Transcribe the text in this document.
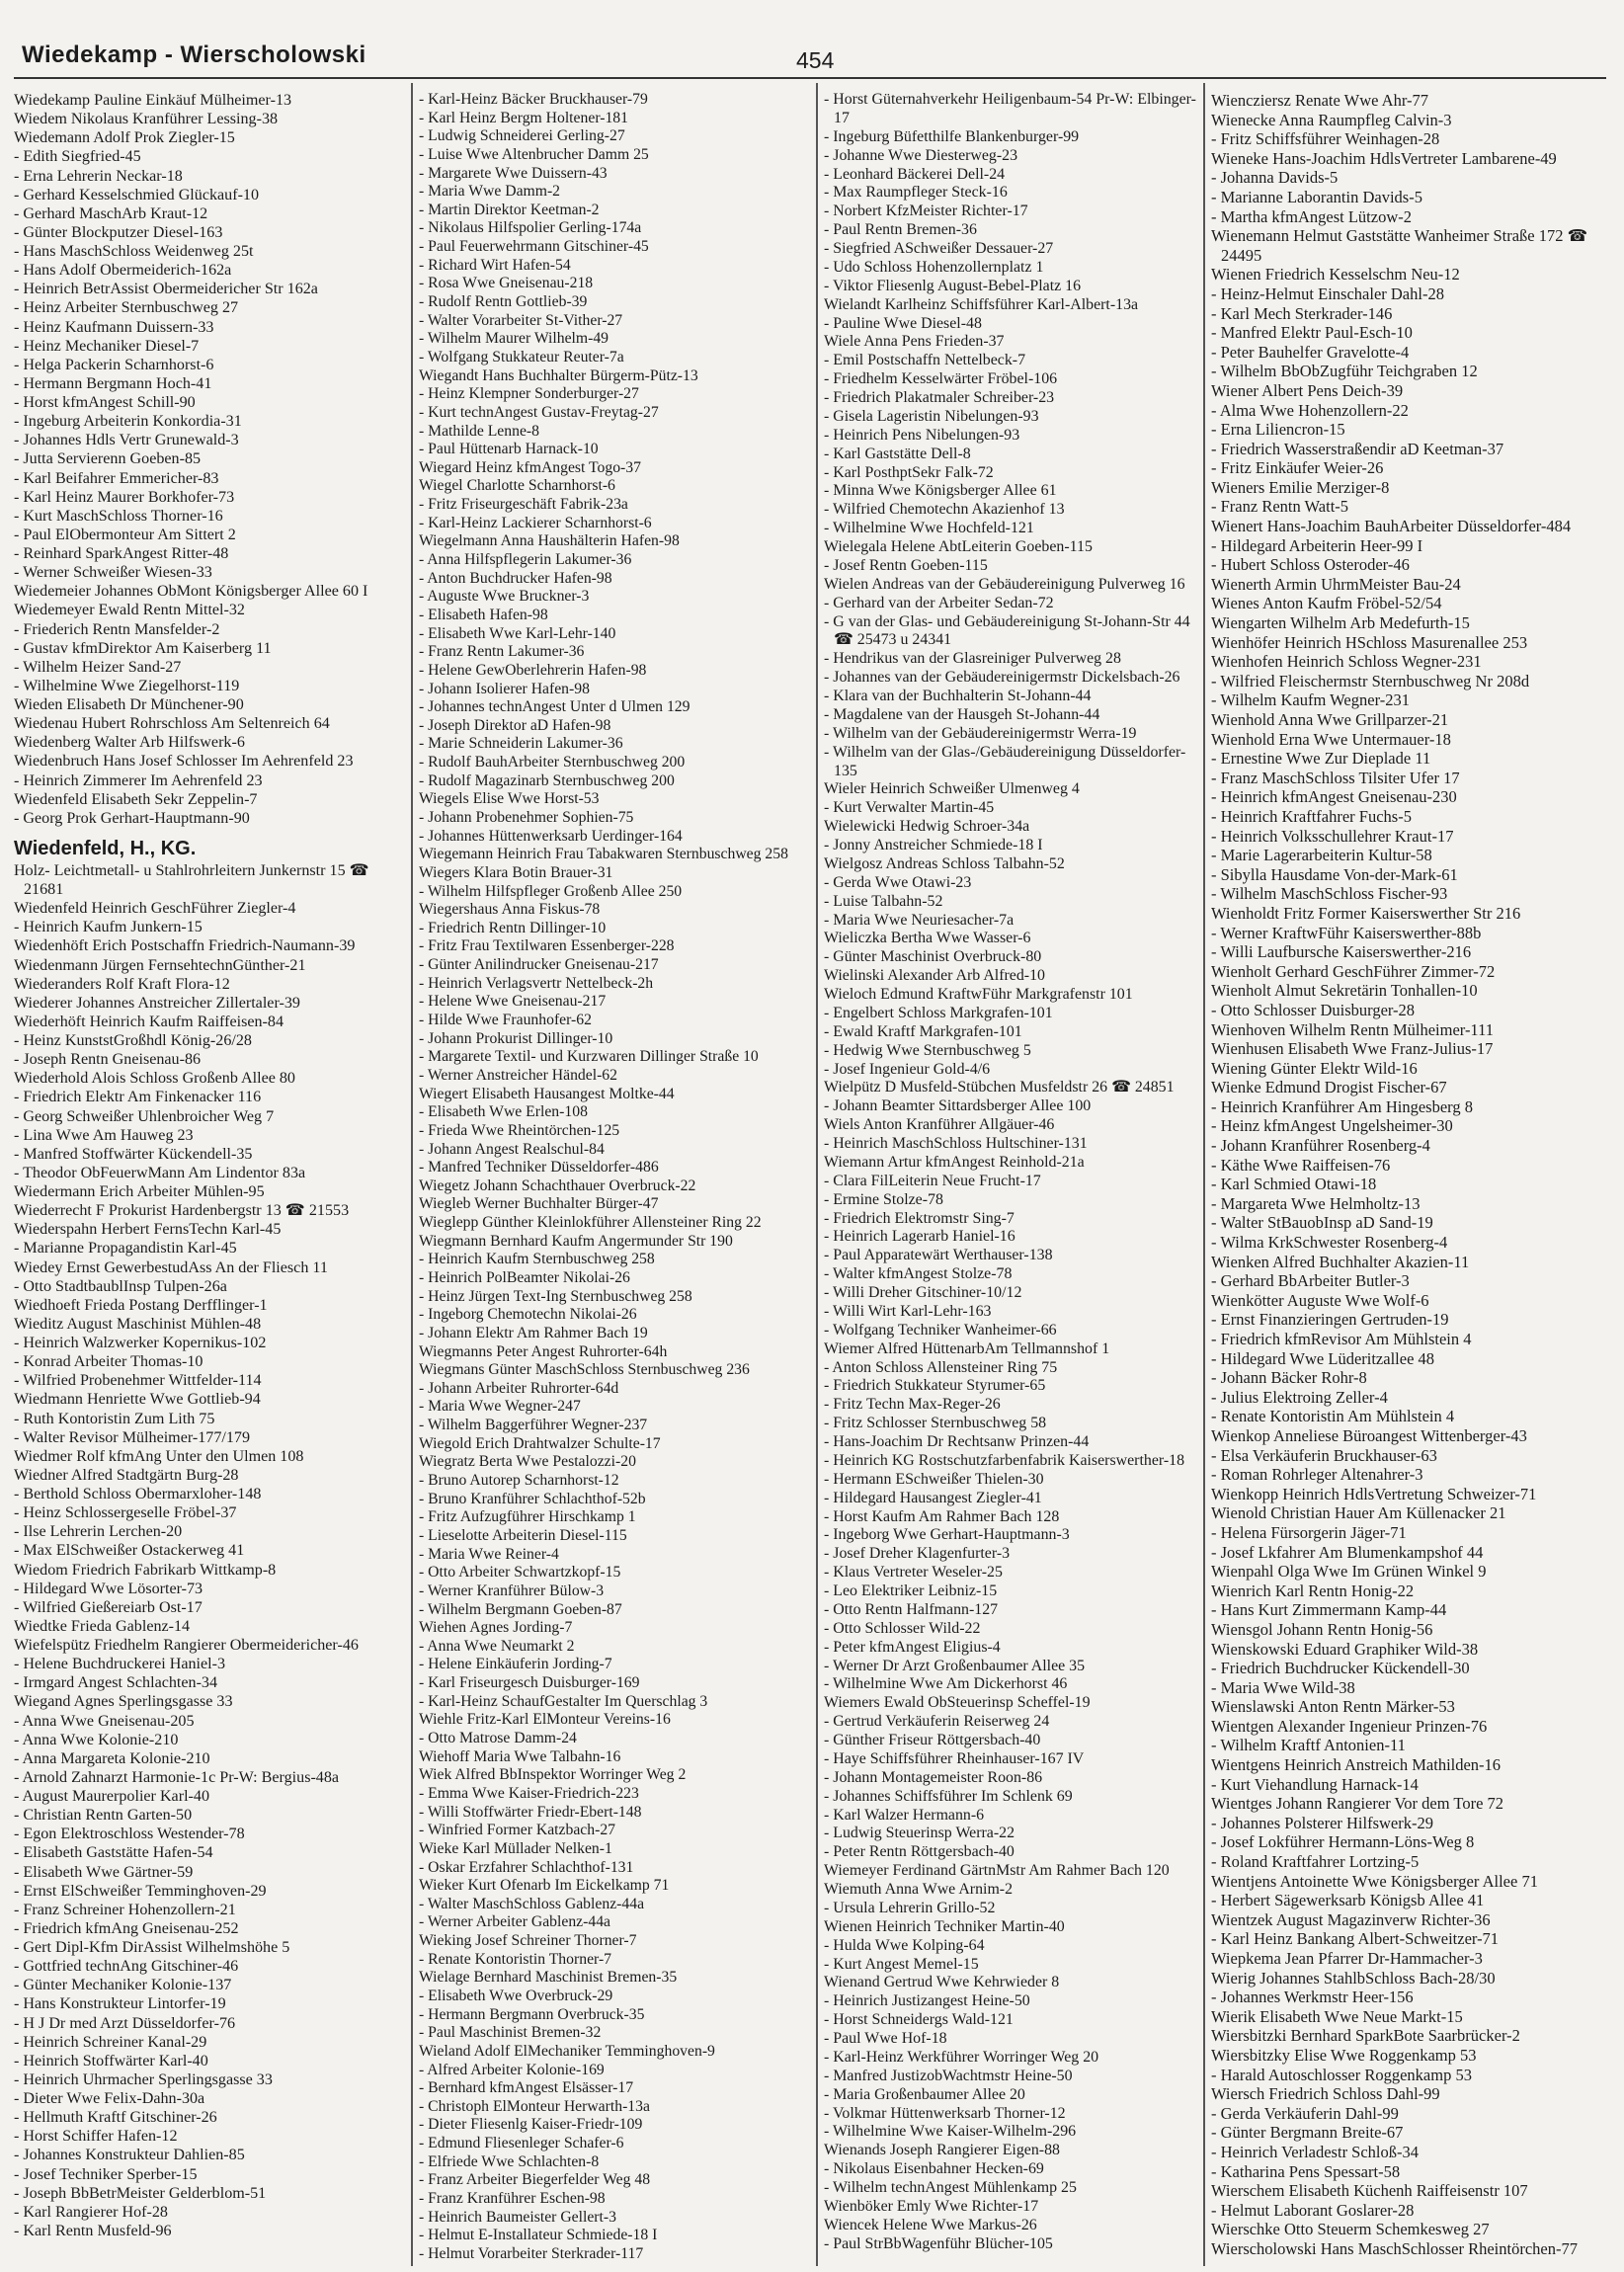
Wiedekamp - Wierscholowski	454
Wiedekamp Pauline Einkäuf Mülheimer-13
Wiedem Nikolaus Kranführer Lessing-38
Wiedemann Adolf Prok Ziegler-15
- Edith Siegfried-45
- Erna Lehrerin Neckar-18
- Gerhard Kesselschmied Glückauf-10
- Gerhard MaschArb Kraut-12
- Günter Blockputzer Diesel-163
- Hans MaschSchloss Weidenweg 25t
- Hans Adolf Obermeiderich-162a
- Heinrich BetrAssist Obermeidericher Str 162a
- Heinz Arbeiter Sternbuschweg 27
- Heinz Kaufmann Duissern-33
- Heinz Mechaniker Diesel-7
- Helga Packerin Scharnhorst-6
- Hermann Bergmann Hoch-41
- Horst kfmAngest Schill-90
- Ingeburg Arbeiterin Konkordia-31
- Johannes Hdls Vertr Grunewald-3
- Jutta Servierenn Goeben-85
- Karl Beifahrer Emmericher-83
- Karl Heinz Maurer Borkhofer-73
- Kurt MaschSchloss Thorner-16
- Paul ElObermonteur Am Sittert 2
- Reinhard SparkAngest Ritter-48
- Werner Schweißer Wiesen-33
Wiedemeier Johannes ObMont Königsberger Allee 60 I
Wiedemeyer Ewald Rentn Mittel-32
- Friederich Rentn Mansfelder-2
- Gustav kfmDirektor Am Kaiserberg 11
- Wilhelm Heizer Sand-27
- Wilhelmine Wwe Ziegelhorst-119
Wieden Elisabeth Dr Münchener-90
Wiedenau Hubert Rohrschloss Am Seltenreich 64
Wiedenberg Walter Arb Hilfswerk-6
Wiedenbruch Hans Josef Schlosser Im Aehrenfeld 23
- Heinrich Zimmerer Im Aehrenfeld 23
Wiedenfeld Elisabeth Sekr Zeppelin-7
- Georg Prok Gerhart-Hauptmann-90
Wiedenfeld, H., KG.
Holz- Leichtmetall- u Stahlrohrleitern Junkernstr 15 ☎ 21681
Wiedenfeld Heinrich GeschFührer Ziegler-4
- Heinrich Kaufm Junkern-15
Wiedenhöft Erich Postschaffn Friedrich-Naumann-39
Wiedenmann Jürgen FernsehtechnGünther-21
Wiederanders Rolf Kraft Flora-12
Wiederer Johannes Anstreicher Zillertaler-39
Wiederhöft Heinrich Kaufm Raiffeisen-84
- Heinz KunststGroßhdl König-26/28
- Joseph Rentn Gneisenau-86
Wiederhold Alois Schloss Großenb Allee 80
- Friedrich Elektr Am Finkenacker 116
- Georg Schweißer Uhlenbroicher Weg 7
- Lina Wwe Am Hauweg 23
- Manfred Stoffwärter Kückendell-35
- Theodor ObFeuerwMann Am Lindentor 83a
Wiedermann Erich Arbeiter Mühlen-95
Wiederrecht F Prokurist Hardenbergstr 13 ☎ 21553
Wiederspahn Herbert FernsTechn Karl-45
- Marianne Propagandistin Karl-45
Wiedey Ernst GewerbestudAss An der Fliesch 11
- Otto StadtbaublInsp Tulpen-26a
Wiedhoeft Frieda Postang Derfflinger-1
Wieditz August Maschinist Mühlen-48
- Heinrich Walzwerker Kopernikus-102
- Konrad Arbeiter Thomas-10
- Wilfried Probenehmer Wittfelder-114
Wiedmann Henriette Wwe Gottlieb-94
- Ruth Kontoristin Zum Lith 75
- Walter Revisor Mülheimer-177/179
Wiedmer Rolf kfmAng Unter den Ulmen 108
Wiedner Alfred Stadtgärtn Burg-28
- Berthold Schloss Obermarxloher-148
- Heinz Schlossergeselle Fröbel-37
- Ilse Lehrerin Lerchen-20
- Max ElSchweißer Ostackerweg 41
Wiedom Friedrich Fabrikarb Wittkamp-8
- Hildegard Wwe Lösorter-73
- Wilfried Gießereiarb Ost-17
Wiedtke Frieda Gablenz-14
Wiefelspütz Friedhelm Rangierer Obermeidericher-46
- Helene Buchdruckerei Haniel-3
- Irmgard Angest Schlachten-34
Wiegand Agnes Sperlingsgasse 33
- Anna Wwe Gneisenau-205
- Anna Wwe Kolonie-210
- Anna Margareta Kolonie-210
- Arnold Zahnarzt Harmonie-1c Pr-W: Bergius-48a
- August Maurerpolier Karl-40
- Christian Rentn Garten-50
- Egon Elektroschloss Westender-78
- Elisabeth Gaststätte Hafen-54
- Elisabeth Wwe Gärtner-59
- Ernst ElSchweißer Temminghoven-29
- Franz Schreiner Hohenzollern-21
- Friedrich kfmAng Gneisenau-252
- Gert Dipl-Kfm DirAssist Wilhelmshöhe 5
- Gottfried technAng Gitschiner-46
- Günter Mechaniker Kolonie-137
- Hans Konstrukteur Lintorfer-19
- H J Dr med Arzt Düsseldorfer-76
- Heinrich Schreiner Kanal-29
- Heinrich Stoffwärter Karl-40
- Heinrich Uhrmacher Sperlingsgasse 33
- Dieter Wwe Felix-Dahn-30a
- Hellmuth Kraftf Gitschiner-26
- Horst Schiffer Hafen-12
- Johannes Konstrukteur Dahlien-85
- Josef Techniker Sperber-15
- Joseph BbBetrMeister Gelderblom-51
- Karl Rangierer Hof-28
- Karl Rentn Musfeld-96
- Karl-Heinz Bäcker Bruckhauser-79
- Karl Heinz Bergm Holtener-181
- Ludwig Schneiderei Gerling-27
- Luise Wwe Altenbrucher Damm 25
- Margarete Wwe Duissern-43
- Maria Wwe Damm-2
- Martin Direktor Keetman-2
- Nikolaus Hilfspolier Gerling-174a
- Paul Feuerwehrmann Gitschiner-45
- Richard Wirt Hafen-54
- Rosa Wwe Gneisenau-218
- Rudolf Rentn Gottlieb-39
- Walter Vorarbeiter St-Vither-27
- Wilhelm Maurer Wilhelm-49
- Wolfgang Stukkateur Reuter-7a
Wiegandt Hans Buchhalter Bürgerm-Pütz-13
- Heinz Klempner Sonderburger-27
- Kurt technAngest Gustav-Freytag-27
- Mathilde Lenne-8
- Paul Hüttenarb Harnack-10
Wiegard Heinz kfmAngest Togo-37
Wiegel Charlotte Scharnhorst-6
- Fritz Friseurgeschäft Fabrik-23a
- Karl-Heinz Lackierer Scharnhorst-6
Wiegelmann Anna Haushälterin Hafen-98
- Anna Hilfspflegerin Lakumer-36
- Anton Buchdrucker Hafen-98
- Auguste Wwe Bruckner-3
- Elisabeth Hafen-98
- Elisabeth Wwe Karl-Lehr-140
- Franz Rentn Lakumer-36
- Helene GewOberlehrerin Hafen-98
- Johann Isolierer Hafen-98
- Johannes technAngest Unter d Ulmen 129
- Joseph Direktor aD Hafen-98
- Marie Schneiderin Lakumer-36
- Rudolf BauhArbeiter Sternbuschweg 200
- Rudolf Magazinarb Sternbuschweg 200
Wiegels Elise Wwe Horst-53
- Johann Probenehmer Sophien-75
- Johannes Hüttenwerksarb Uerdinger-164
Wiegemann Heinrich Frau Tabakwaren Sternbuschweg 258
Wiegers Klara Botin Brauer-31
- Wilhelm Hilfspfleger Großenb Allee 250
Wiegershaus Anna Fiskus-78
- Friedrich Rentn Dillinger-10
- Fritz Frau Textilwaren Essenberger-228
- Günter Anilindrucker Gneisenau-217
- Heinrich Verlagsvertr Nettelbeck-2h
- Helene Wwe Gneisenau-217
- Hilde Wwe Fraunhofer-62
- Johann Prokurist Dillinger-10
- Margarete Textil- und Kurzwaren Dillinger Straße 10
- Werner Anstreicher Händel-62
Wiegert Elisabeth Hausangest Moltke-44
- Elisabeth Wwe Erlen-108
- Frieda Wwe Rheintörchen-125
- Johann Angest Realschul-84
- Manfred Techniker Düsseldorfer-486
Wiegetz Johann Schachthauer Overbruck-22
Wiegleb Werner Buchhalter Bürger-47
Wieglepp Günther Kleinlokführer Allensteiner Ring 22
Wiegmann Bernhard Kaufm Angermunder Str 190
- Heinrich Kaufm Sternbuschweg 258
- Heinrich PolBeamter Nikolai-26
- Heinz Jürgen Text-Ing Sternbuschweg 258
- Ingeborg Chemotechn Nikolai-26
- Johann Elektr Am Rahmer Bach 19
Wiegmanns Peter Angest Ruhrorter-64h
Wiegmans Günter MaschSchloss Sternbuschweg 236
- Johann Arbeiter Ruhrorter-64d
- Maria Wwe Wegner-247
- Wilhelm Baggerführer Wegner-237
Wiegold Erich Drahtwalzer Schulte-17
Wiegratz Berta Wwe Pestalozzi-20
- Bruno Autorep Scharnhorst-12
- Bruno Kranführer Schlachthof-52b
- Fritz Aufzugführer Hirschkamp 1
- Lieselotte Arbeiterin Diesel-115
- Maria Wwe Reiner-4
- Otto Arbeiter Schwartzkopf-15
- Werner Kranführer Bülow-3
- Wilhelm Bergmann Goeben-87
Wiehen Agnes Jording-7
- Anna Wwe Neumarkt 2
- Helene Einkäuferin Jording-7
- Karl Friseurgesch Duisburger-169
- Karl-Heinz SchaufGestalter Im Querschlag 3
Wiehle Fritz-Karl ElMonteur Vereins-16
- Otto Matrose Damm-24
Wiehoff Maria Wwe Talbahn-16
Wiek Alfred BbInspektor Worringer Weg 2
- Emma Wwe Kaiser-Friedrich-223
- Willi Stoffwärter Friedr-Ebert-148
- Winfried Former Katzbach-27
Wieke Karl Müllader Nelken-1
- Oskar Erzfahrer Schlachthof-131
Wieker Kurt Ofenarb Im Eickelkamp 71
- Walter MaschSchloss Gablenz-44a
- Werner Arbeiter Gablenz-44a
Wieking Josef Schreiner Thorner-7
- Renate Kontoristin Thorner-7
Wielage Bernhard Maschinist Bremen-35
- Elisabeth Wwe Overbruck-29
- Hermann Bergmann Overbruck-35
- Paul Maschinist Bremen-32
Wieland Adolf ElMechaniker Temminghoven-9
- Alfred Arbeiter Kolonie-169
- Bernhard kfmAngest Elsässer-17
- Christoph ElMonteur Herwarth-13a
- Dieter Fliesenlg Kaiser-Friedr-109
- Edmund Fliesenleger Schafer-6
- Elfriede Wwe Schlachten-8
- Franz Arbeiter Biegerfelder Weg 48
- Franz Kranführer Eschen-98
- Heinrich Baumeister Gellert-3
- Helmut E-Installateur Schmiede-18 I
- Helmut Vorarbeiter Sterkrader-117
- Horst Güternahverkehr Heiligenbaum-54 Pr-W: Elbinger-17
- Ingeburg Büfetthilfe Blankenburger-99
- Johanne Wwe Diesterweg-23
- Leonhard Bäckerei Dell-24
- Max Raumpfleger Steck-16
- Norbert KfzMeister Richter-17
- Paul Rentn Bremen-36
- Siegfried ASchweißer Dessauer-27
- Udo Schloss Hohenzollernplatz 1
- Viktor Fliesenlg August-Bebel-Platz 16
Wielandt Karlheinz Schiffsführer Karl-Albert-13a
- Pauline Wwe Diesel-48
Wiele Anna Pens Frieden-37
- Emil Postschaffn Nettelbeck-7
- Friedhelm Kesselwärter Fröbel-106
- Friedrich Plakatmaler Schreiber-23
- Gisela Lageristin Nibelungen-93
- Heinrich Pens Nibelungen-93
- Karl Gaststätte Dell-8
- Karl PosthptSekr Falk-72
- Minna Wwe Königsberger Allee 61
- Wilfried Chemotechn Akazienhof 13
- Wilhelmine Wwe Hochfeld-121
Wielegala Helene AbtLeiterin Goeben-115
- Josef Rentn Goeben-115
Wielen Andreas van der Gebäudereinigung Pulverweg 16
- Gerhard van der Arbeiter Sedan-72
- G van der Glas- und Gebäudereinigung St-Johann-Str 44 ☎ 25473 u 24341
- Hendrikus van der Glasreiniger Pulverweg 28
- Johannes van der Gebäudereinigermstr Dickelsbach-26
- Klara van der Buchhalterin St-Johann-44
- Magdalene van der Hausgeh St-Johann-44
- Wilhelm van der Gebäudereinigermstr Werra-19
- Wilhelm van der Glas-/Gebäudereinigung Düsseldorfer-135
Wieler Heinrich Schweißer Ulmenweg 4
- Kurt Verwalter Martin-45
Wielewicki Hedwig Schroer-34a
- Jonny Anstreicher Schmiede-18 I
Wielgosz Andreas Schloss Talbahn-52
- Gerda Wwe Otawi-23
- Luise Talbahn-52
- Maria Wwe Neuriesacher-7a
Wieliczka Bertha Wwe Wasser-6
- Günter Maschinist Overbruck-80
Wielinski Alexander Arb Alfred-10
Wieloch Edmund KraftwFühr Markgrafenstr 101
- Engelbert Schloss Markgrafen-101
- Ewald Kraftf Markgrafen-101
- Hedwig Wwe Sternbuschweg 5
- Josef Ingenieur Gold-4/6
Wielpütz D Musfeld-Stübchen Musfeldstr 26 ☎ 24851
- Johann Beamter Sittardsberger Allee 100
Wiels Anton Kranführer Allgäuer-46
- Heinrich MaschSchloss Hultschiner-131
Wiemann Artur kfmAngest Reinhold-21a
- Clara FilLeiterin Neue Frucht-17
- Ermine Stolze-78
- Friedrich Elektromstr Sing-7
- Heinrich Lagerarb Haniel-16
- Paul Apparatewärt Werthauser-138
- Walter kfmAngest Stolze-78
- Willi Dreher Gitschiner-10/12
- Willi Wirt Karl-Lehr-163
- Wolfgang Techniker Wanheimer-66
Wiemer Alfred HüttenarbAm Tellmannshof 1
- Anton Schloss Allensteiner Ring 75
- Friedrich Stukkateur Styrumer-65
- Fritz Techn Max-Reger-26
- Fritz Schlosser Sternbuschweg 58
- Hans-Joachim Dr Rechtsanw Prinzen-44
- Heinrich KG Rostschutzfarbenfabrik Kaiserswerther-18
- Hermann ESchweißer Thielen-30
- Hildegard Hausangest Ziegler-41
- Horst Kaufm Am Rahmer Bach 128
- Ingeborg Wwe Gerhart-Hauptmann-3
- Josef Dreher Klagenfurter-3
- Klaus Vertreter Weseler-25
- Leo Elektriker Leibniz-15
- Otto Rentn Halfmann-127
- Otto Schlosser Wild-22
- Peter kfmAngest Eligius-4
- Werner Dr Arzt Großenbaumer Allee 35
- Wilhelmine Wwe Am Dickerhorst 46
Wiemers Ewald ObSteuerinsp Scheffel-19
- Gertrud Verkäuferin Reiserweg 24
- Günther Friseur Röttgersbach-40
- Haye Schiffsführer Rheinhauser-167 IV
- Johann Montagemeister Roon-86
- Johannes Schiffsführer Im Schlenk 69
- Karl Walzer Hermann-6
- Ludwig Steuerinsp Werra-22
- Peter Rentn Röttgersbach-40
Wiemeyer Ferdinand GärtnMstr Am Rahmer Bach 120
Wiemuth Anna Wwe Arnim-2
- Ursula Lehrerin Grillo-52
Wienen Heinrich Techniker Martin-40
- Hulda Wwe Kolping-64
- Kurt Angest Memel-15
Wienand Gertrud Wwe Kehrwieder 8
- Heinrich Justizangest Heine-50
- Horst Schneidergs Wald-121
- Paul Wwe Hof-18
- Karl-Heinz Werkführer Worringer Weg 20
- Manfred JustizobWachtmstr Heine-50
- Maria Großenbaumer Allee 20
- Volkmar Hüttenwerksarb Thorner-12
- Wilhelmine Wwe Kaiser-Wilhelm-296
Wienands Joseph Rangierer Eigen-88
- Nikolaus Eisenbahner Hecken-69
- Wilhelm technAngest Mühlenkamp 25
Wienböker Emly Wwe Richter-17
Wiencek Helene Wwe Markus-26
- Paul StrBbWagenführ Blücher-105
Wiencziersz Renate Wwe Ahr-77
Wienecke Anna Raumpfleg Calvin-3
- Fritz Schiffsführer Weinhagen-28
Wieneke Hans-Joachim HdlsVertreter Lambarene-49
- Johanna Davids-5
- Marianne Laborantin Davids-5
- Martha kfmAngest Lützow-2
Wienemann Helmut Gaststätte Wanheimer Straße 172 ☎ 24495
Wienen Friedrich Kesselschm Neu-12
- Heinz-Helmut Einschaler Dahl-28
- Karl Mech Sterkrader-146
- Manfred Elektr Paul-Esch-10
- Peter Bauhelfer Gravelotte-4
- Wilhelm BbObZugführ Teichgraben 12
Wiener Albert Pens Deich-39
- Alma Wwe Hohenzollern-22
- Erna Liliencron-15
- Friedrich Wasserstraßendir aD Keetman-37
- Fritz Einkäufer Weier-26
Wieners Emilie Merziger-8
- Franz Rentn Watt-5
Wienert Hans-Joachim BauhArbeiter Düsseldorfer-484
- Hildegard Arbeiterin Heer-99 I
- Hubert Schloss Osteroder-46
Wienerth Armin UhrmMeister Bau-24
Wienes Anton Kaufm Fröbel-52/54
Wiengarten Wilhelm Arb Medefurth-15
Wienhöfer Heinrich HSchloss Masurenallee 253
Wienhofen Heinrich Schloss Wegner-231
- Wilfried Fleischermstr Sternbuschweg Nr 208d
- Wilhelm Kaufm Wegner-231
Wienhold Anna Wwe Grillparzer-21
Wienhold Erna Wwe Untermauer-18
- Ernestine Wwe Zur Dieplade 11
- Franz MaschSchloss Tilsiter Ufer 17
- Heinrich kfmAngest Gneisenau-230
- Heinrich Kraftfahrer Fuchs-5
- Heinrich Volksschullehrer Kraut-17
- Marie Lagerarbeiterin Kultur-58
- Sibylla Hausdame Von-der-Mark-61
- Wilhelm MaschSchloss Fischer-93
Wienholdt Fritz Former Kaiserswerther Str 216
- Werner KraftwFühr Kaiserswerther-88b
- Willi Laufbursche Kaiserswerther-216
Wienholt Gerhard GeschFührer Zimmer-72
Wienholt Almut Sekretärin Tonhallen-10
- Otto Schlosser Duisburger-28
Wienhoven Wilhelm Rentn Mülheimer-111
Wienhusen Elisabeth Wwe Franz-Julius-17
Wiening Günter Elektr Wild-16
Wienke Edmund Drogist Fischer-67
- Heinrich Kranführer Am Hingesberg 8
- Heinz kfmAngest Ungelsheimer-30
- Johann Kranführer Rosenberg-4
- Käthe Wwe Raiffeisen-76
- Karl Schmied Otawi-18
- Margareta Wwe Helmholtz-13
- Walter StBauobInsp aD Sand-19
- Wilma KrkSchwester Rosenberg-4
Wienken Alfred Buchhalter Akazien-11
- Gerhard BbArbeiter Butler-3
Wienkötter Auguste Wwe Wolf-6
- Ernst Finanzieringen Gertruden-19
- Friedrich kfmRevisor Am Mühlstein 4
- Hildegard Wwe Lüderitzallee 48
- Johann Bäcker Rohr-8
- Julius Elektroing Zeller-4
- Renate Kontoristin Am Mühlstein 4
Wienkop Anneliese Büroangest Wittenberger-43
- Elsa Verkäuferin Bruckhauser-63
- Roman Rohrleger Altenahrer-3
Wienkopp Heinrich HdlsVertretung Schweizer-71
Wienold Christian Hauer Am Küllenacker 21
- Helena Fürsorgerin Jäger-71
- Josef Lkfahrer Am Blumenkampshof 44
Wienpahl Olga Wwe Im Grünen Winkel 9
Wienrich Karl Rentn Honig-22
- Hans Kurt Zimmermann Kamp-44
Wiensgol Johann Rentn Honig-56
Wienskowski Eduard Graphiker Wild-38
- Friedrich Buchdrucker Kückendell-30
- Maria Wwe Wild-38
Wienslawski Anton Rentn Märker-53
Wientgen Alexander Ingenieur Prinzen-76
- Wilhelm Kraftf Antonien-11
Wientgens Heinrich Anstreich Mathilden-16
- Kurt Viehandlung Harnack-14
Wientges Johann Rangierer Vor dem Tore 72
- Johannes Polsterer Hilfswerk-29
- Josef Lokführer Hermann-Löns-Weg 8
- Roland Kraftfahrer Lortzing-5
Wientjens Antoinette Wwe Königsberger Allee 71
- Herbert Sägewerksarb Königsb Allee 41
Wientzek August Magazinverw Richter-36
- Karl Heinz Bankang Albert-Schweitzer-71
Wiepkema Jean Pfarrer Dr-Hammacher-3
Wierig Johannes StahlbSchloss Bach-28/30
- Johannes Werkmstr Heer-156
Wierik Elisabeth Wwe Neue Markt-15
Wiersbitzki Bernhard SparkBote Saarbrücker-2
Wiersbitzky Elise Wwe Roggenkamp 53
- Harald Autoschlosser Roggenkamp 53
Wiersch Friedrich Schloss Dahl-99
- Gerda Verkäuferin Dahl-99
- Günter Bergmann Breite-67
- Heinrich Verladestr Schloß-34
- Katharina Pens Spessart-58
Wierschem Elisabeth Küchenh Raiffeisenstr 107
- Helmut Laborant Goslarer-28
Wierschke Otto Steuerm Schemkesweg 27
Wierscholowski Hans MaschSchlosser Rheintörchen-77
